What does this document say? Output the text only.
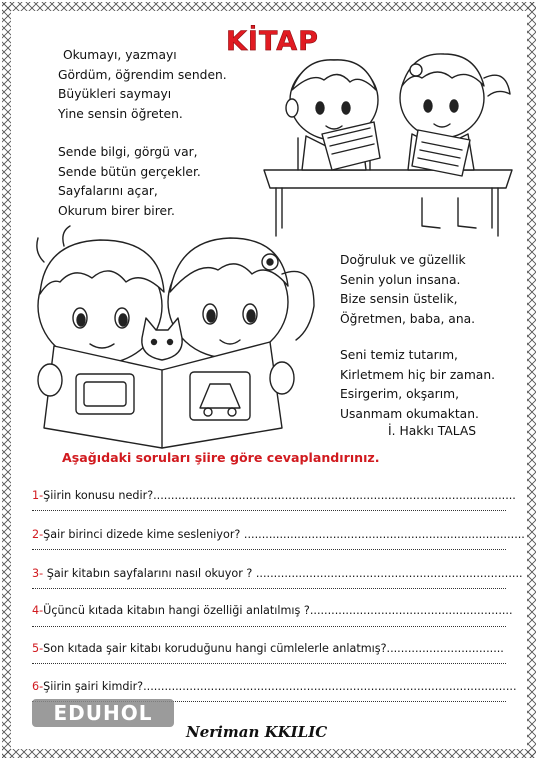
KİTAP
Okumayı, yazmayı
Gördüm, öğrendim senden.
Büyükleri saymayı
Yine sensin öğreten.
Sende bilgi, görgü var,
Sende bütün gerçekler.
Sayfalarını açar,
Okurum birer birer.
Doğruluk ve güzellik
Senin yolun insana.
Bize sensin üstelik,
Öğretmen, baba, ana.
Seni temiz tutarım,
Kirletmem hiç bir zaman.
Esirgerim, okşarım,
Usanmam okumaktan.
İ. Hakkı TALAS
Aşağıdaki soruları şiire göre cevaplandırınız.
1-Şiirin konusu nedir?......................................................................................................
2-Şair birinci dizede kime sesleniyor? ...............................................................................
3- Şair kitabın sayfalarını nasıl okuyor ? ...........................................................................
4-Üçüncü kıtada kitabın hangi özelliği anlatılmış ?.........................................................
5-Son kıtada şair kitabı koruduğunu hangi cümlelerle anlatmış?.................................
6-Şiirin şairi kimdir?.........................................................................................................
EDUHOL
Neriman KKILIC
